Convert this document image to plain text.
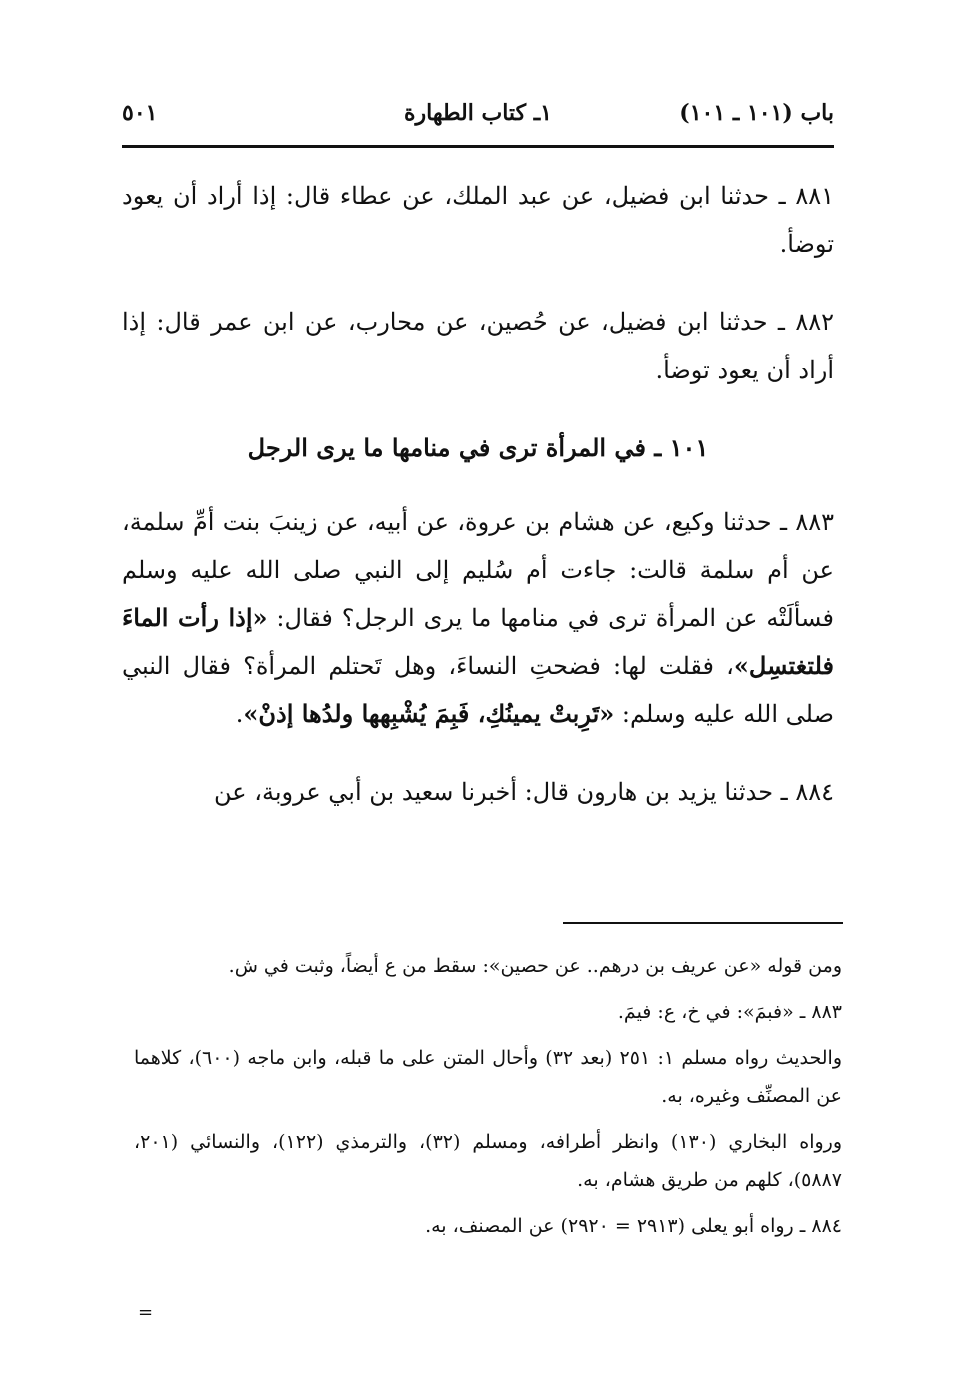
باب (١٠١ ـ ١٠١)
١ـ كتاب الطهارة
٥٠١

٨٨١ ـ حدثنا ابن فضيل، عن عبد الملك، عن عطاء قال: إذا أراد أن يعود توضأ.

٨٨٢ ـ حدثنا ابن فضيل، عن حُصين، عن محارب، عن ابن عمر قال: إذا أراد أن يعود توضأ.

١٠١ ـ في المرأة ترى في منامها ما يرى الرجل

٨٨٣ ـ حدثنا وكيع، عن هشام بن عروة، عن أبيه، عن زينبَ بنت أمِّ سلمة، عن أم سلمة قالت: جاءت أم سُليم إلى النبي صلى الله عليه وسلم فسألَتْه عن المرأة ترى في منامها ما يرى الرجل؟ فقال: «إذا رأت الماءَ فلتغتسِل»، فقلت لها: فضحتِ النساءَ، وهل تَحتلم المرأة؟ فقال النبي صلى الله عليه وسلم: «تَرِبتْ يمينُكِ، فَبِمَ يُشْبِهها ولدُها إذنْ».

٨٨٤ ـ حدثنا يزيد بن هارون قال: أخبرنا سعيد بن أبي عروبة، عن

ومن قوله «عن عريف بن درهم.. عن حصين»: سقط من ع أيضاً، وثبت في ش.

٨٨٣ ـ «فبمَ»: في خ، ع: فيمَ.

والحديث رواه مسلم ١: ٢٥١ (بعد ٣٢) وأحال المتن على ما قبله، وابن ماجه (٦٠٠)، كلاهما عن المصنِّف وغيره، به.

ورواه البخاري (١٣٠) وانظر أطرافه، ومسلم (٣٢)، والترمذي (١٢٢)، والنسائي (٢٠١، ٥٨٨٧)، كلهم من طريق هشام، به.

٨٨٤ ـ رواه أبو يعلى (٢٩١٣ = ٢٩٢٠) عن المصنف، به.

=
